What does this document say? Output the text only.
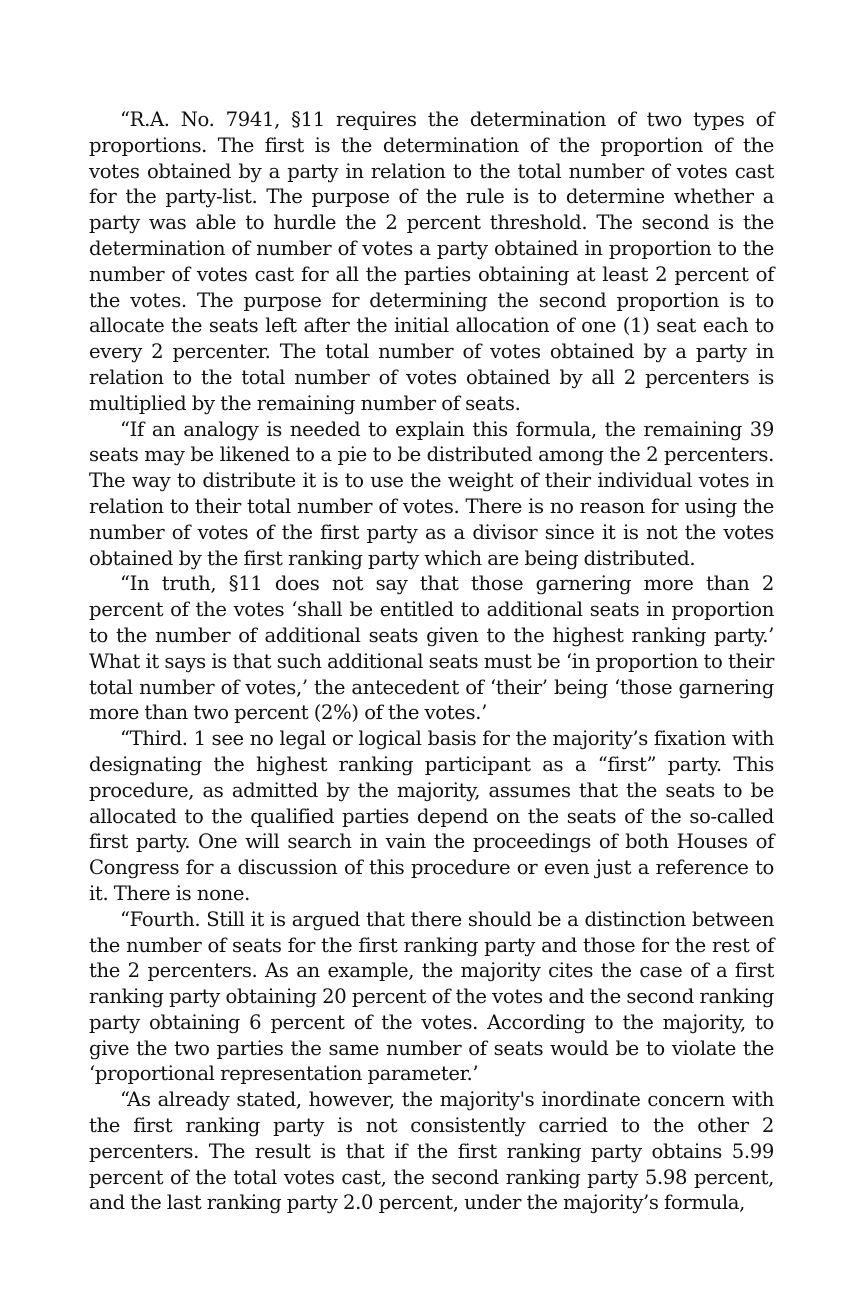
“R.A. No. 7941, §11 requires the determination of two types of proportions. The first is the determination of the proportion of the votes obtained by a party in relation to the total number of votes cast for the party-list. The purpose of the rule is to determine whether a party was able to hurdle the 2 percent threshold. The second is the determination of number of votes a party obtained in proportion to the number of votes cast for all the parties obtaining at least 2 percent of the votes. The purpose for determining the second proportion is to allocate the seats left after the initial allocation of one (1) seat each to every 2 percenter. The total number of votes obtained by a party in relation to the total number of votes obtained by all 2 percenters is multiplied by the remaining number of seats.

“If an analogy is needed to explain this formula, the remaining 39 seats may be likened to a pie to be distributed among the 2 percenters. The way to distribute it is to use the weight of their individual votes in relation to their total number of votes. There is no reason for using the number of votes of the first party as a divisor since it is not the votes obtained by the first ranking party which are being distributed.

“In truth, §11 does not say that those garnering more than 2 percent of the votes ‘shall be entitled to additional seats in proportion to the number of additional seats given to the highest ranking party.’ What it says is that such additional seats must be ‘in proportion to their total number of votes,’ the antecedent of ‘their’ being ‘those garnering more than two percent (2%) of the votes.’

“Third. 1 see no legal or logical basis for the majority’s fixation with designating the highest ranking participant as a “first” party. This procedure, as admitted by the majority, assumes that the seats to be allocated to the qualified parties depend on the seats of the so-called first party. One will search in vain the proceedings of both Houses of Congress for a discussion of this procedure or even just a reference to it. There is none.

“Fourth. Still it is argued that there should be a distinction between the number of seats for the first ranking party and those for the rest of the 2 percenters. As an example, the majority cites the case of a first ranking party obtaining 20 percent of the votes and the second ranking party obtaining 6 percent of the votes. According to the majority, to give the two parties the same number of seats would be to violate the ‘proportional representation parameter.’

“As already stated, however, the majority's inordinate concern with the first ranking party is not consistently carried to the other 2 percenters. The result is that if the first ranking party obtains 5.99 percent of the total votes cast, the second ranking party 5.98 percent, and the last ranking party 2.0 percent, under the majority’s formula,
